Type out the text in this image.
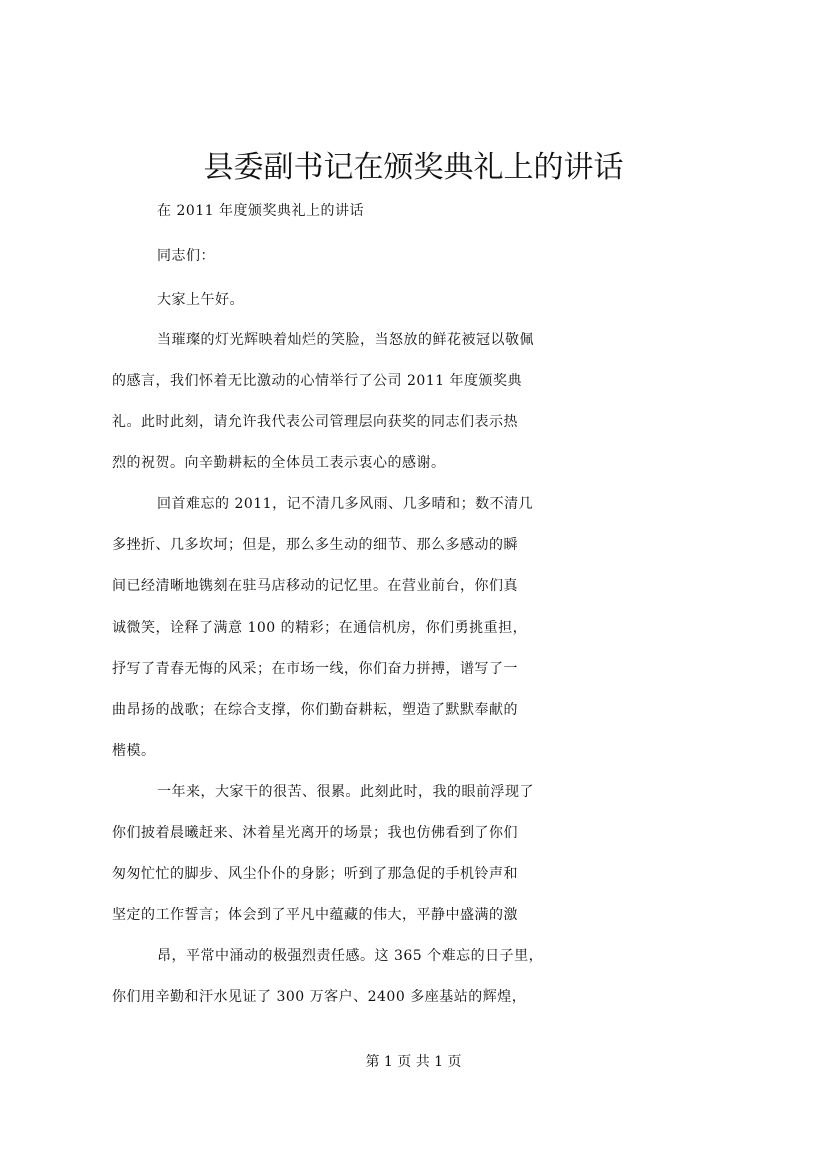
县委副书记在颁奖典礼上的讲话
在 2011 年度颁奖典礼上的讲话
同志们：
大家上午好。
当璀璨的灯光辉映着灿烂的笑脸，当怒放的鲜花被冠以敬佩
的感言，我们怀着无比激动的心情举行了公司 2011 年度颁奖典
礼。此时此刻，请允许我代表公司管理层向获奖的同志们表示热
烈的祝贺。向辛勤耕耘的全体员工表示衷心的感谢。
回首难忘的 2011，记不清几多风雨、几多晴和；数不清几
多挫折、几多坎坷；但是，那么多生动的细节、那么多感动的瞬
间已经清晰地镌刻在驻马店移动的记忆里。在营业前台，你们真
诚微笑，诠释了满意 100 的精彩；在通信机房，你们勇挑重担，
抒写了青春无悔的风采；在市场一线，你们奋力拼搏，谱写了一
曲昂扬的战歌；在综合支撑，你们勤奋耕耘，塑造了默默奉献的
楷模。
一年来，大家干的很苦、很累。此刻此时，我的眼前浮现了
你们披着晨曦赶来、沐着星光离开的场景；我也仿佛看到了你们
匆匆忙忙的脚步、风尘仆仆的身影；听到了那急促的手机铃声和
坚定的工作誓言；体会到了平凡中蕴藏的伟大，平静中盛满的激
昂，平常中涌动的极强烈责任感。这 365 个难忘的日子里，
你们用辛勤和汗水见证了 300 万客户、2400 多座基站的辉煌，
第 1 页 共 1 页
